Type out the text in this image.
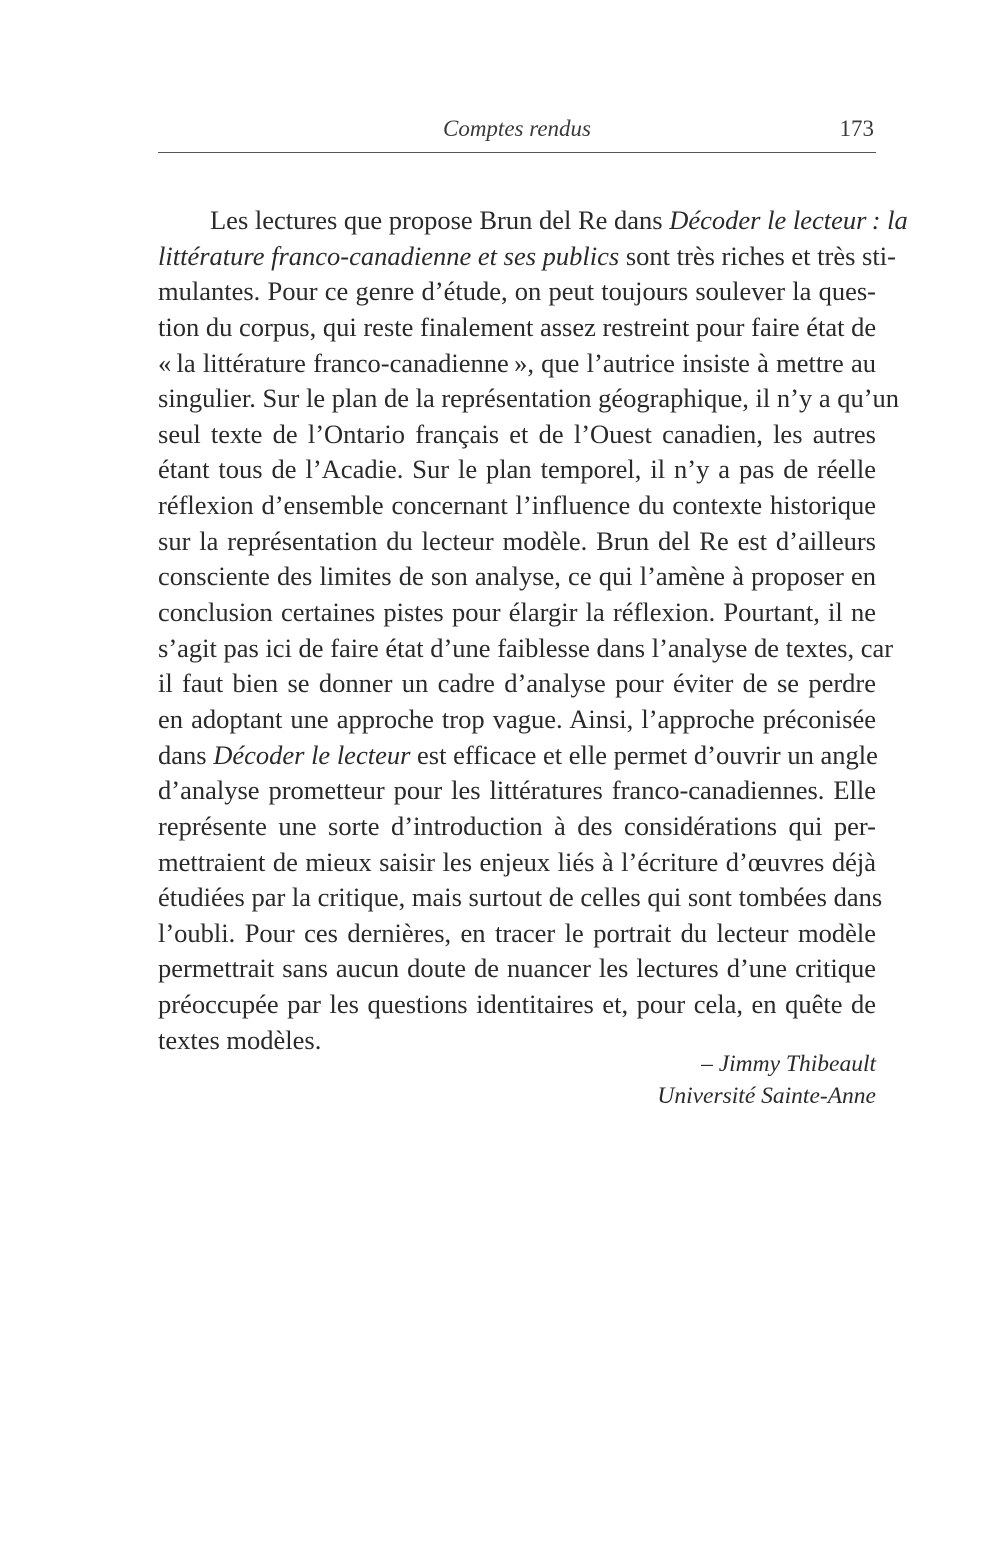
Comptes rendus	173
Les lectures que propose Brun del Re dans Décoder le lecteur : la
littérature franco-canadienne et ses publics sont très riches et très sti-
mulantes. Pour ce genre d’étude, on peut toujours soulever la ques-
tion du corpus, qui reste finalement assez restreint pour faire état de
« la littérature franco-canadienne », que l’autrice insiste à mettre au
singulier. Sur le plan de la représentation géographique, il n’y a qu’un
seul texte de l’Ontario français et de l’Ouest canadien, les autres
étant tous de l’Acadie. Sur le plan temporel, il n’y a pas de réelle
réflexion d’ensemble concernant l’influence du contexte historique
sur la représentation du lecteur modèle. Brun del Re est d’ailleurs
consciente des limites de son analyse, ce qui l’amène à proposer en
conclusion certaines pistes pour élargir la réflexion. Pourtant, il ne
s’agit pas ici de faire état d’une faiblesse dans l’analyse de textes, car
il faut bien se donner un cadre d’analyse pour éviter de se perdre
en adoptant une approche trop vague. Ainsi, l’approche préconisée
dans Décoder le lecteur est efficace et elle permet d’ouvrir un angle
d’analyse prometteur pour les littératures franco-canadiennes. Elle
représente une sorte d’introduction à des considérations qui per-
mettraient de mieux saisir les enjeux liés à l’écriture d’œuvres déjà
étudiées par la critique, mais surtout de celles qui sont tombées dans
l’oubli. Pour ces dernières, en tracer le portrait du lecteur modèle
permettrait sans aucun doute de nuancer les lectures d’une critique
préoccupée par les questions identitaires et, pour cela, en quête de
textes modèles.
– Jimmy Thibeault
Université Sainte-Anne
